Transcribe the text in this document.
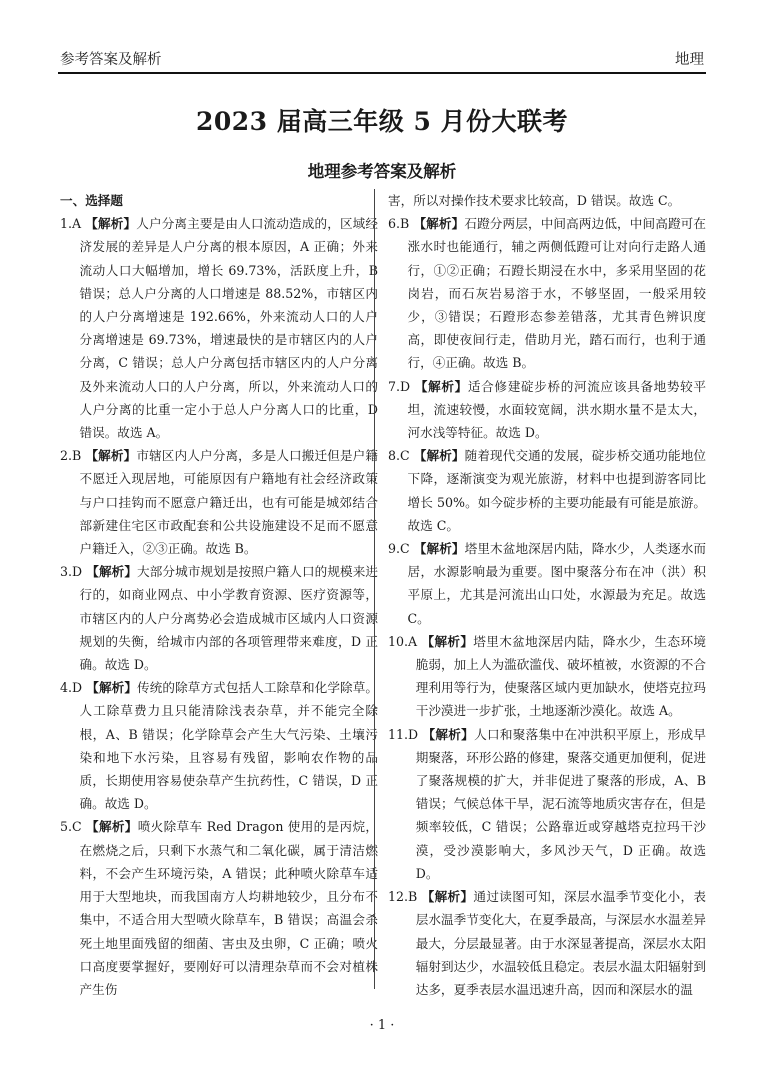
参考答案及解析	地理
2023 届高三年级 5 月份大联考
地理参考答案及解析
一、选择题

1.A 【解析】人户分离主要是由人口流动造成的，区域经济发展的差异是人户分离的根本原因，A 正确；外来流动人口大幅增加，增长 69.73%，活跃度上升，B 错误；总人户分离的人口增速是 88.52%，市辖区内的人户分离增速是 192.66%，外来流动人口的人户分离增速是 69.73%，增速最快的是市辖区内的人户分离，C 错误；总人户分离包括市辖区内的人户分离及外来流动人口的人户分离，所以，外来流动人口的人户分离的比重一定小于总人户分离人口的比重，D 错误。故选 A。

2.B 【解析】市辖区内人户分离，多是人口搬迁但是户籍不愿迁入现居地，可能原因有户籍地有社会经济政策与户口挂钩而不愿意户籍迁出，也有可能是城郊结合部新建住宅区市政配套和公共设施建设不足而不愿意户籍迁入，②③正确。故选 B。

3.D 【解析】大部分城市规划是按照户籍人口的规模来进行的，如商业网点、中小学教育资源、医疗资源等，市辖区内的人户分离势必会造成城市区域内人口资源规划的失衡，给城市内部的各项管理带来难度，D 正确。故选 D。

4.D 【解析】传统的除草方式包括人工除草和化学除草。人工除草费力且只能清除浅表杂草，并不能完全除根，A、B 错误；化学除草会产生大气污染、土壤污染和地下水污染，且容易有残留，影响农作物的品质，长期使用容易使杂草产生抗药性，C 错误，D 正确。故选 D。

5.C 【解析】喷火除草车 Red Dragon 使用的是丙烷，在燃烧之后，只剩下水蒸气和二氧化碳，属于清洁燃料，不会产生环境污染，A 错误；此种喷火除草车适用于大型地块，而我国南方人均耕地较少，且分布不集中，不适合用大型喷火除草车，B 错误；高温会杀死土地里面残留的细菌、害虫及虫卵，C 正确；喷火口高度要掌握好，要刚好可以清理杂草而不会对植株产生伤

害，所以对操作技术要求比较高，D 错误。故选 C。

6.B 【解析】石蹬分两层，中间高两边低，中间高蹬可在涨水时也能通行，辅之两侧低蹬可让对向行走路人通行，①②正确；石蹬长期浸在水中，多采用坚固的花岗岩，而石灰岩易溶于水，不够坚固，一般采用较少，③错误；石蹬形态参差错落，尤其青色辨识度高，即使夜间行走，借助月光，踏石而行，也利于通行，④正确。故选 B。

7.D 【解析】适合修建碇步桥的河流应该具备地势较平坦，流速较慢，水面较宽阔，洪水期水量不是太大，河水浅等特征。故选 D。

8.C 【解析】随着现代交通的发展，碇步桥交通功能地位下降，逐渐演变为观光旅游，材料中也提到游客同比增长 50%。如今碇步桥的主要功能最有可能是旅游。故选 C。

9.C 【解析】塔里木盆地深居内陆，降水少，人类逐水而居，水源影响最为重要。图中聚落分布在冲（洪）积平原上，尤其是河流出山口处，水源最为充足。故选 C。

10.A 【解析】塔里木盆地深居内陆，降水少，生态环境脆弱，加上人为滥砍滥伐、破坏植被，水资源的不合理利用等行为，使聚落区域内更加缺水，使塔克拉玛干沙漠进一步扩张，土地逐渐沙漠化。故选 A。

11.D 【解析】人口和聚落集中在冲洪积平原上，形成早期聚落，环形公路的修建，聚落交通更加便利，促进了聚落规模的扩大，并非促进了聚落的形成，A、B 错误；气候总体干旱，泥石流等地质灾害存在，但是频率较低，C 错误；公路靠近或穿越塔克拉玛干沙漠，受沙漠影响大，多风沙天气，D 正确。故选 D。

12.B 【解析】通过读图可知，深层水温季节变化小，表层水温季节变化大，在夏季最高，与深层水水温差异最大，分层最显著。由于水深显著提高，深层水太阳辐射到达少，水温较低且稳定。表层水温太阳辐射到达多，夏季表层水温迅速升高，因而和深层水的温

· 1 ·
